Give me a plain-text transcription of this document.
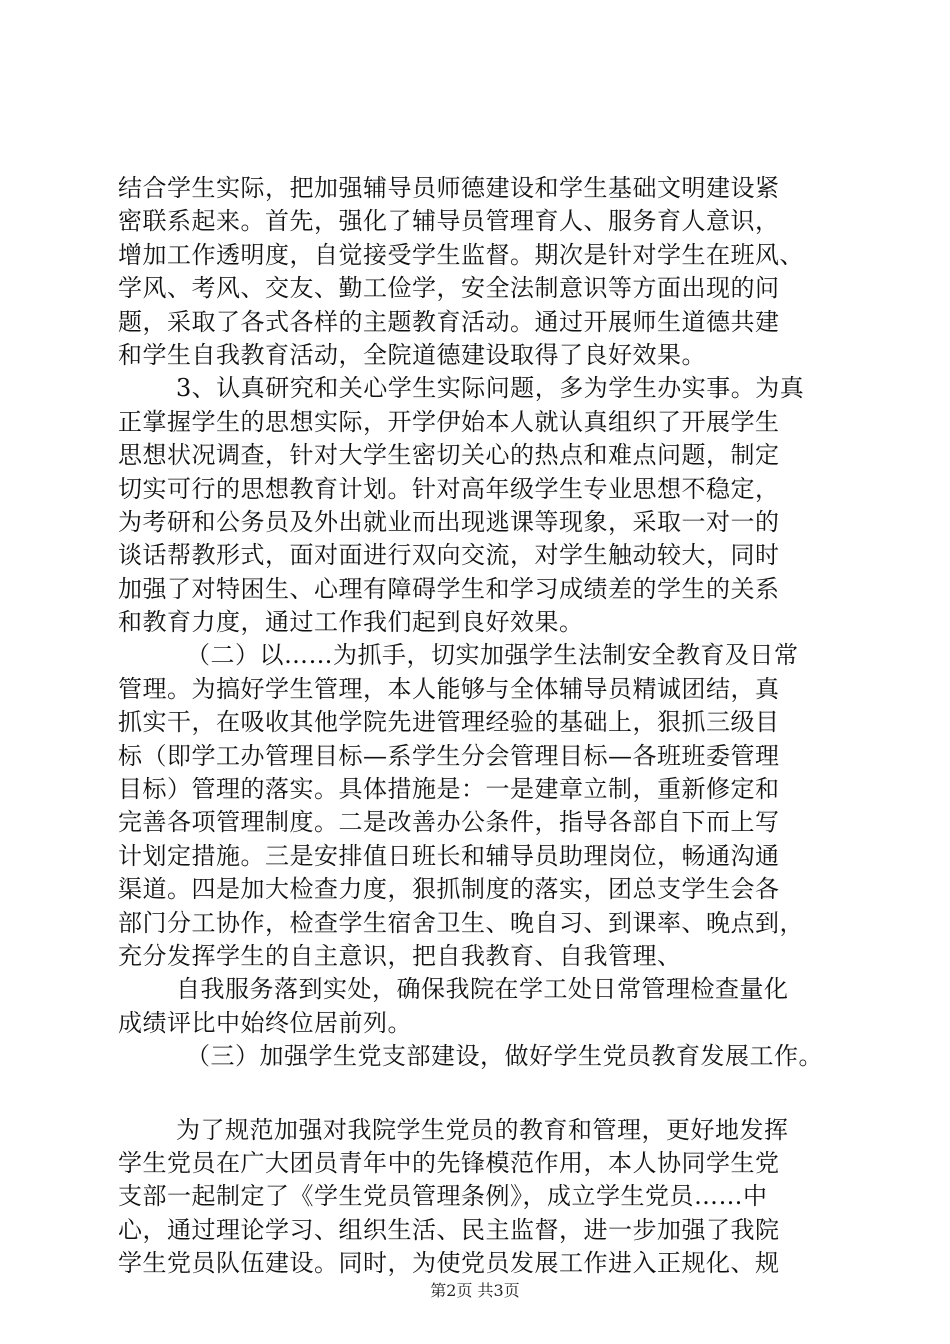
结合学生实际，把加强辅导员师德建设和学生基础文明建设紧
密联系起来。首先，强化了辅导员管理育人、服务育人意识，
增加工作透明度，自觉接受学生监督。期次是针对学生在班风、
学风、考风、交友、勤工俭学，安全法制意识等方面出现的问
题，采取了各式各样的主题教育活动。通过开展师生道德共建
和学生自我教育活动，全院道德建设取得了良好效果。
3、认真研究和关心学生实际问题，多为学生办实事。为真
正掌握学生的思想实际，开学伊始本人就认真组织了开展学生
思想状况调查，针对大学生密切关心的热点和难点问题，制定
切实可行的思想教育计划。针对高年级学生专业思想不稳定，
为考研和公务员及外出就业而出现逃课等现象，采取一对一的
谈话帮教形式，面对面进行双向交流，对学生触动较大，同时
加强了对特困生、心理有障碍学生和学习成绩差的学生的关系
和教育力度，通过工作我们起到良好效果。
（二）以……为抓手，切实加强学生法制安全教育及日常
管理。为搞好学生管理，本人能够与全体辅导员精诚团结，真
抓实干，在吸收其他学院先进管理经验的基础上，狠抓三级目
标（即学工办管理目标—系学生分会管理目标—各班班委管理
目标）管理的落实。具体措施是：一是建章立制，重新修定和
完善各项管理制度。二是改善办公条件，指导各部自下而上写
计划定措施。三是安排值日班长和辅导员助理岗位，畅通沟通
渠道。四是加大检查力度，狠抓制度的落实，团总支学生会各
部门分工协作，检查学生宿舍卫生、晚自习、到课率、晚点到，
充分发挥学生的自主意识，把自我教育、自我管理、
自我服务落到实处，确保我院在学工处日常管理检查量化
成绩评比中始终位居前列。
（三）加强学生党支部建设，做好学生党员教育发展工作。
为了规范加强对我院学生党员的教育和管理，更好地发挥
学生党员在广大团员青年中的先锋模范作用，本人协同学生党
支部一起制定了《学生党员管理条例》，成立学生党员……中
心，通过理论学习、组织生活、民主监督，进一步加强了我院
学生党员队伍建设。同时，为使党员发展工作进入正规化、规
第2页 共3页
